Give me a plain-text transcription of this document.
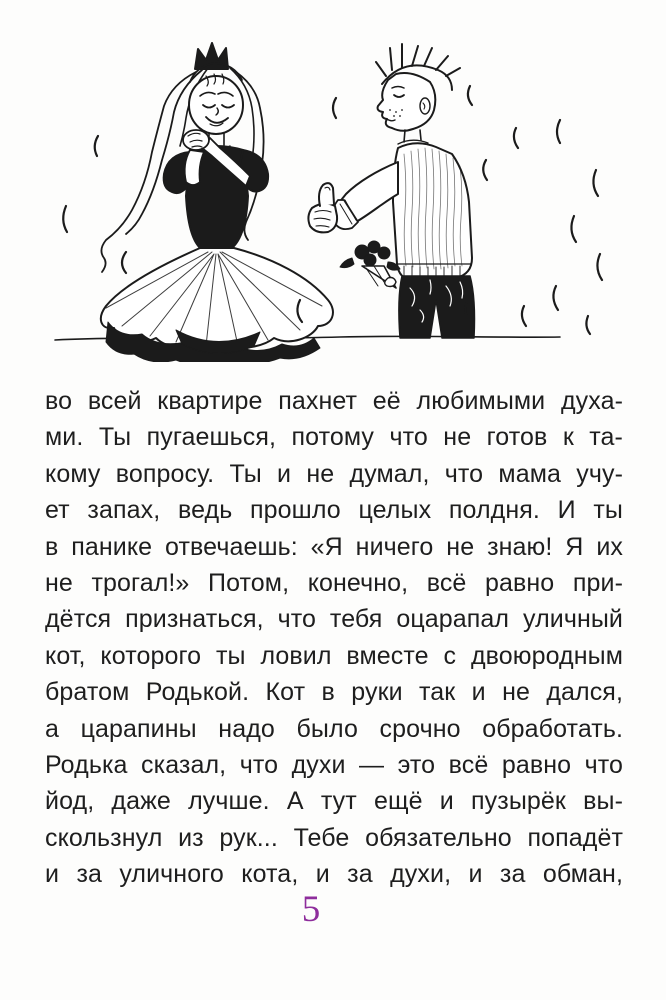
во всей квартире пахнет её любимыми духа-
ми. Ты пугаешься, потому что не готов к та-
кому вопросу. Ты и не думал, что мама учу-
ет запах, ведь прошло целых полдня. И ты
в панике отвечаешь: «Я ничего не знаю! Я их
не трогал!» Потом, конечно, всё равно при-
дётся признаться, что тебя оцарапал уличный
кот, которого ты ловил вместе с двоюродным
братом Родькой. Кот в руки так и не дался,
а царапины надо было срочно обработать.
Родька сказал, что духи — это всё равно что
йод, даже лучше. А тут ещё и пузырёк вы-
скользнул из рук... Тебе обязательно попадёт
и за уличного кота, и за духи, и за обман,
5
